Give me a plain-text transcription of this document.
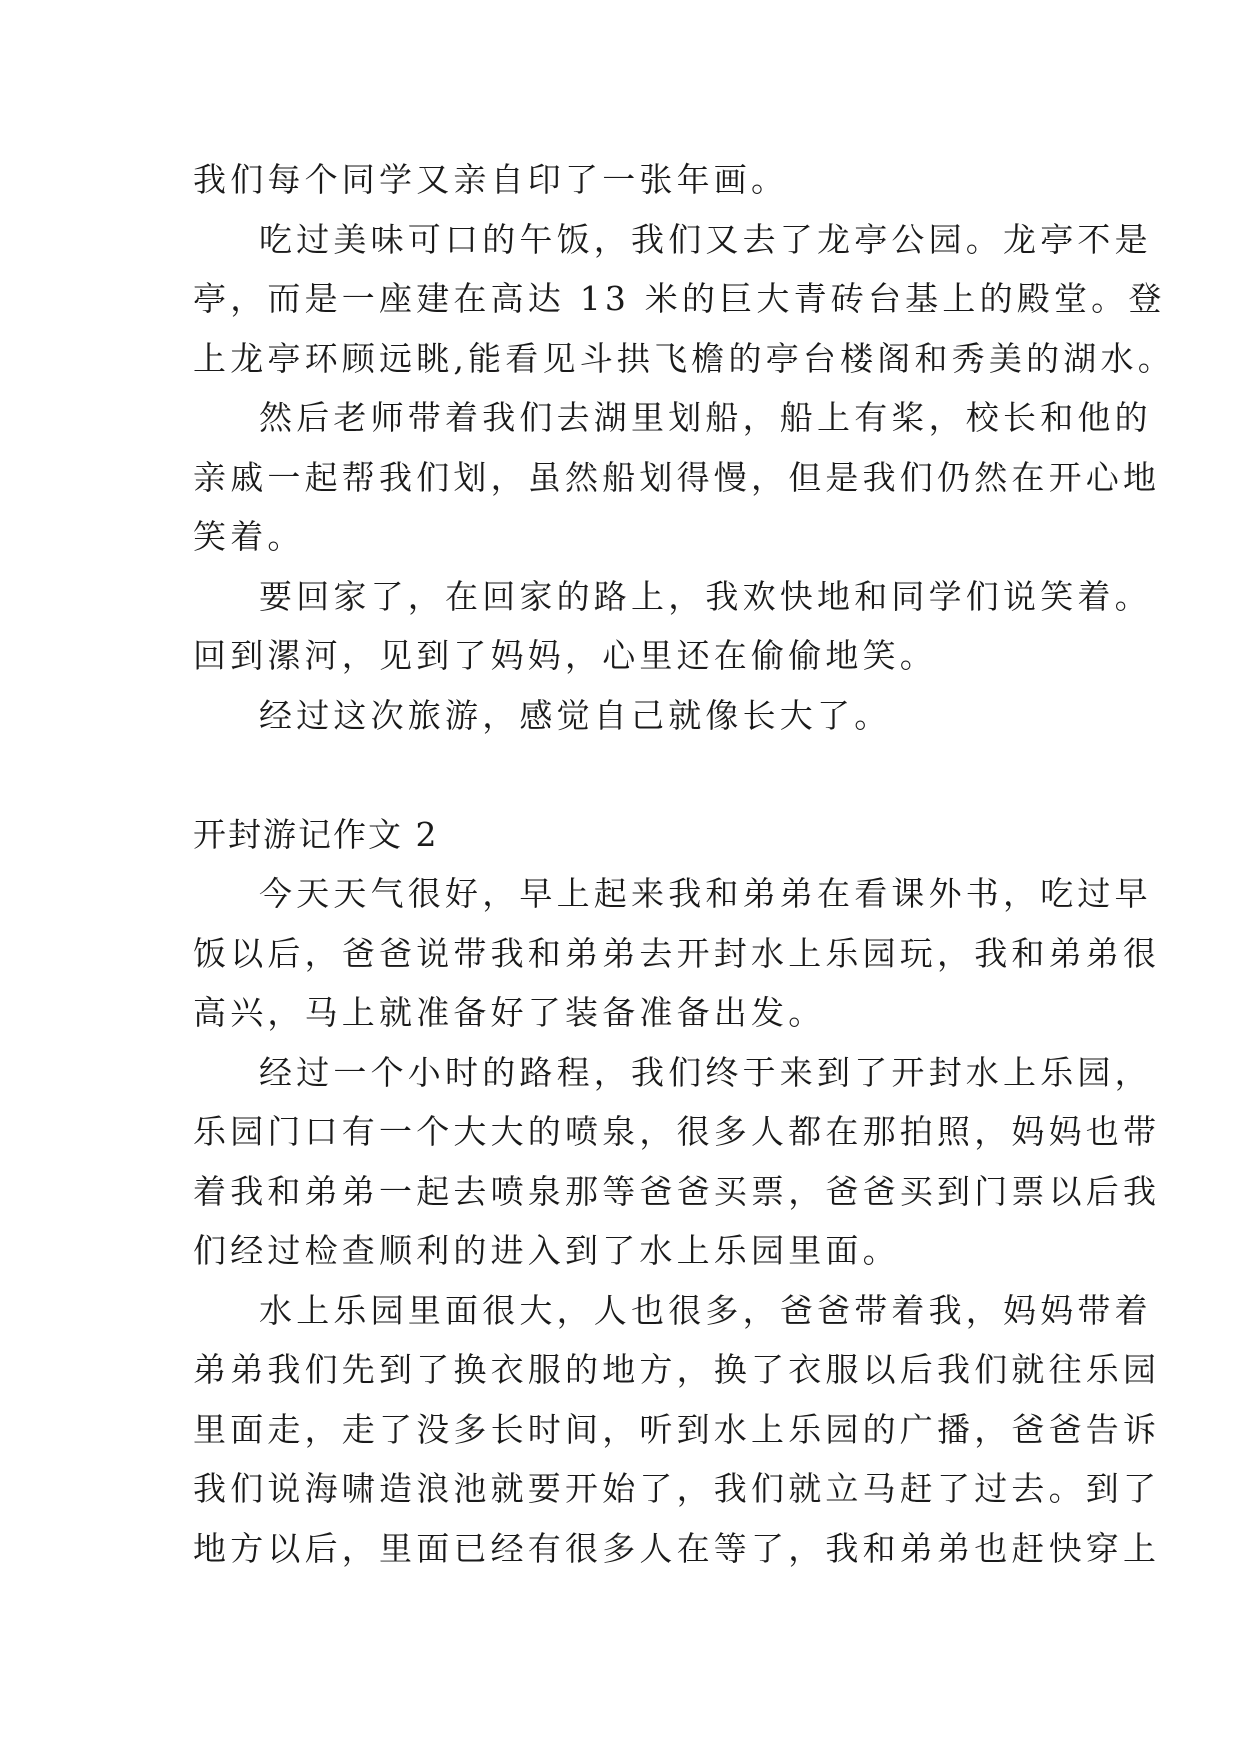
我们每个同学又亲自印了一张年画。
吃过美味可口的午饭，我们又去了龙亭公园。龙亭不是
亭，而是一座建在高达 13 米的巨大青砖台基上的殿堂。登
上龙亭环顾远眺,能看见斗拱飞檐的亭台楼阁和秀美的湖水。
然后老师带着我们去湖里划船，船上有桨，校长和他的
亲戚一起帮我们划，虽然船划得慢，但是我们仍然在开心地
笑着。
要回家了，在回家的路上，我欢快地和同学们说笑着。
回到漯河，见到了妈妈，心里还在偷偷地笑。
经过这次旅游，感觉自己就像长大了。
开封游记作文 2
今天天气很好，早上起来我和弟弟在看课外书，吃过早
饭以后，爸爸说带我和弟弟去开封水上乐园玩，我和弟弟很
高兴，马上就准备好了装备准备出发。
经过一个小时的路程，我们终于来到了开封水上乐园，
乐园门口有一个大大的喷泉，很多人都在那拍照，妈妈也带
着我和弟弟一起去喷泉那等爸爸买票，爸爸买到门票以后我
们经过检查顺利的进入到了水上乐园里面。
水上乐园里面很大，人也很多，爸爸带着我，妈妈带着
弟弟我们先到了换衣服的地方，换了衣服以后我们就往乐园
里面走，走了没多长时间，听到水上乐园的广播，爸爸告诉
我们说海啸造浪池就要开始了，我们就立马赶了过去。到了
地方以后，里面已经有很多人在等了，我和弟弟也赶快穿上
